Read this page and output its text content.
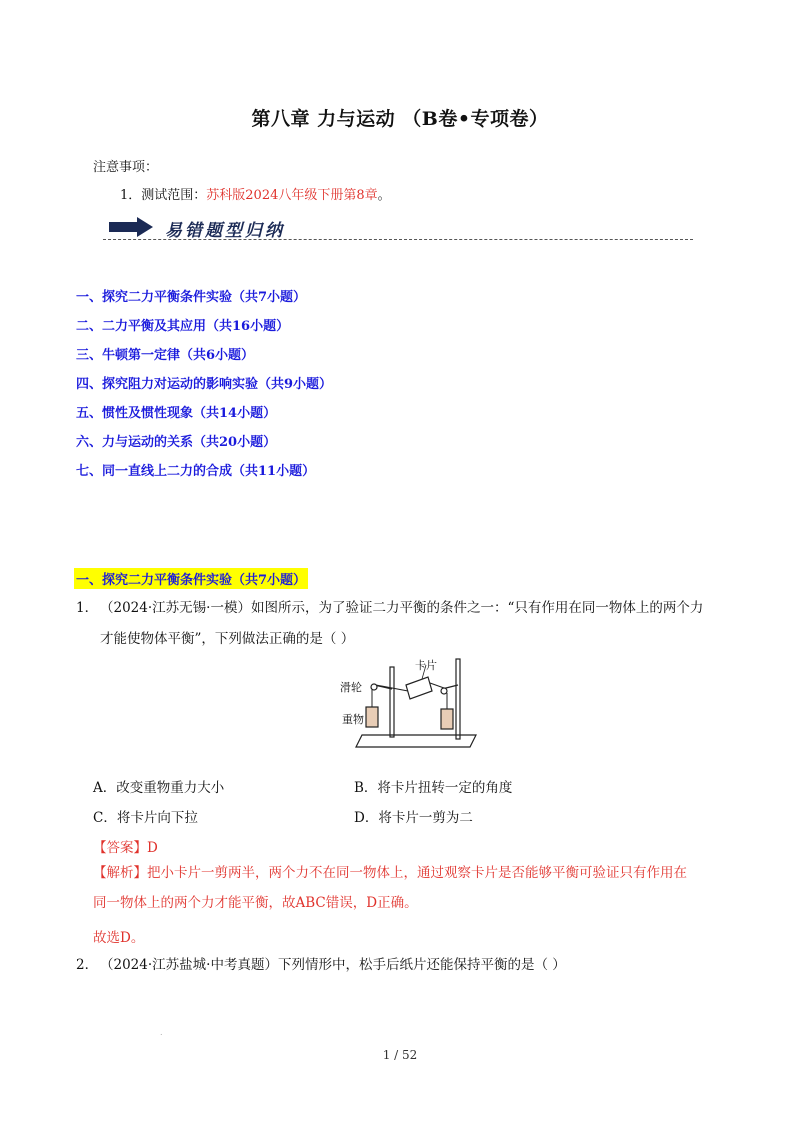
第八章 力与运动 （B卷•专项卷）
注意事项：
1．测试范围：苏科版2024八年级下册第8章。
易错题型归纳
一、探究二力平衡条件实验（共7小题）
二、二力平衡及其应用（共16小题）
三、牛顿第一定律（共6小题）
四、探究阻力对运动的影响实验（共9小题）
五、惯性及惯性现象（共14小题）
六、力与运动的关系（共20小题）
七、同一直线上二力的合成（共11小题）
一、探究二力平衡条件实验（共7小题）
1． （2024·江苏无锡·一模）如图所示，为了验证二力平衡的条件之一：“只有作用在同一物体上的两个力
才能使物体平衡”，下列做法正确的是（ ）
滑轮
卡片
重物
A．改变重物重力大小	B．将卡片扭转一定的角度
C．将卡片向下拉	D．将卡片一剪为二
【答案】D
【解析】把小卡片一剪两半，两个力不在同一物体上，通过观察卡片是否能够平衡可验证只有作用在
同一物体上的两个力才能平衡，故ABC错误，D正确。
故选D。
2． （2024·江苏盐城·中考真题）下列情形中，松手后纸片还能保持平衡的是（ ）
.
1 / 52
